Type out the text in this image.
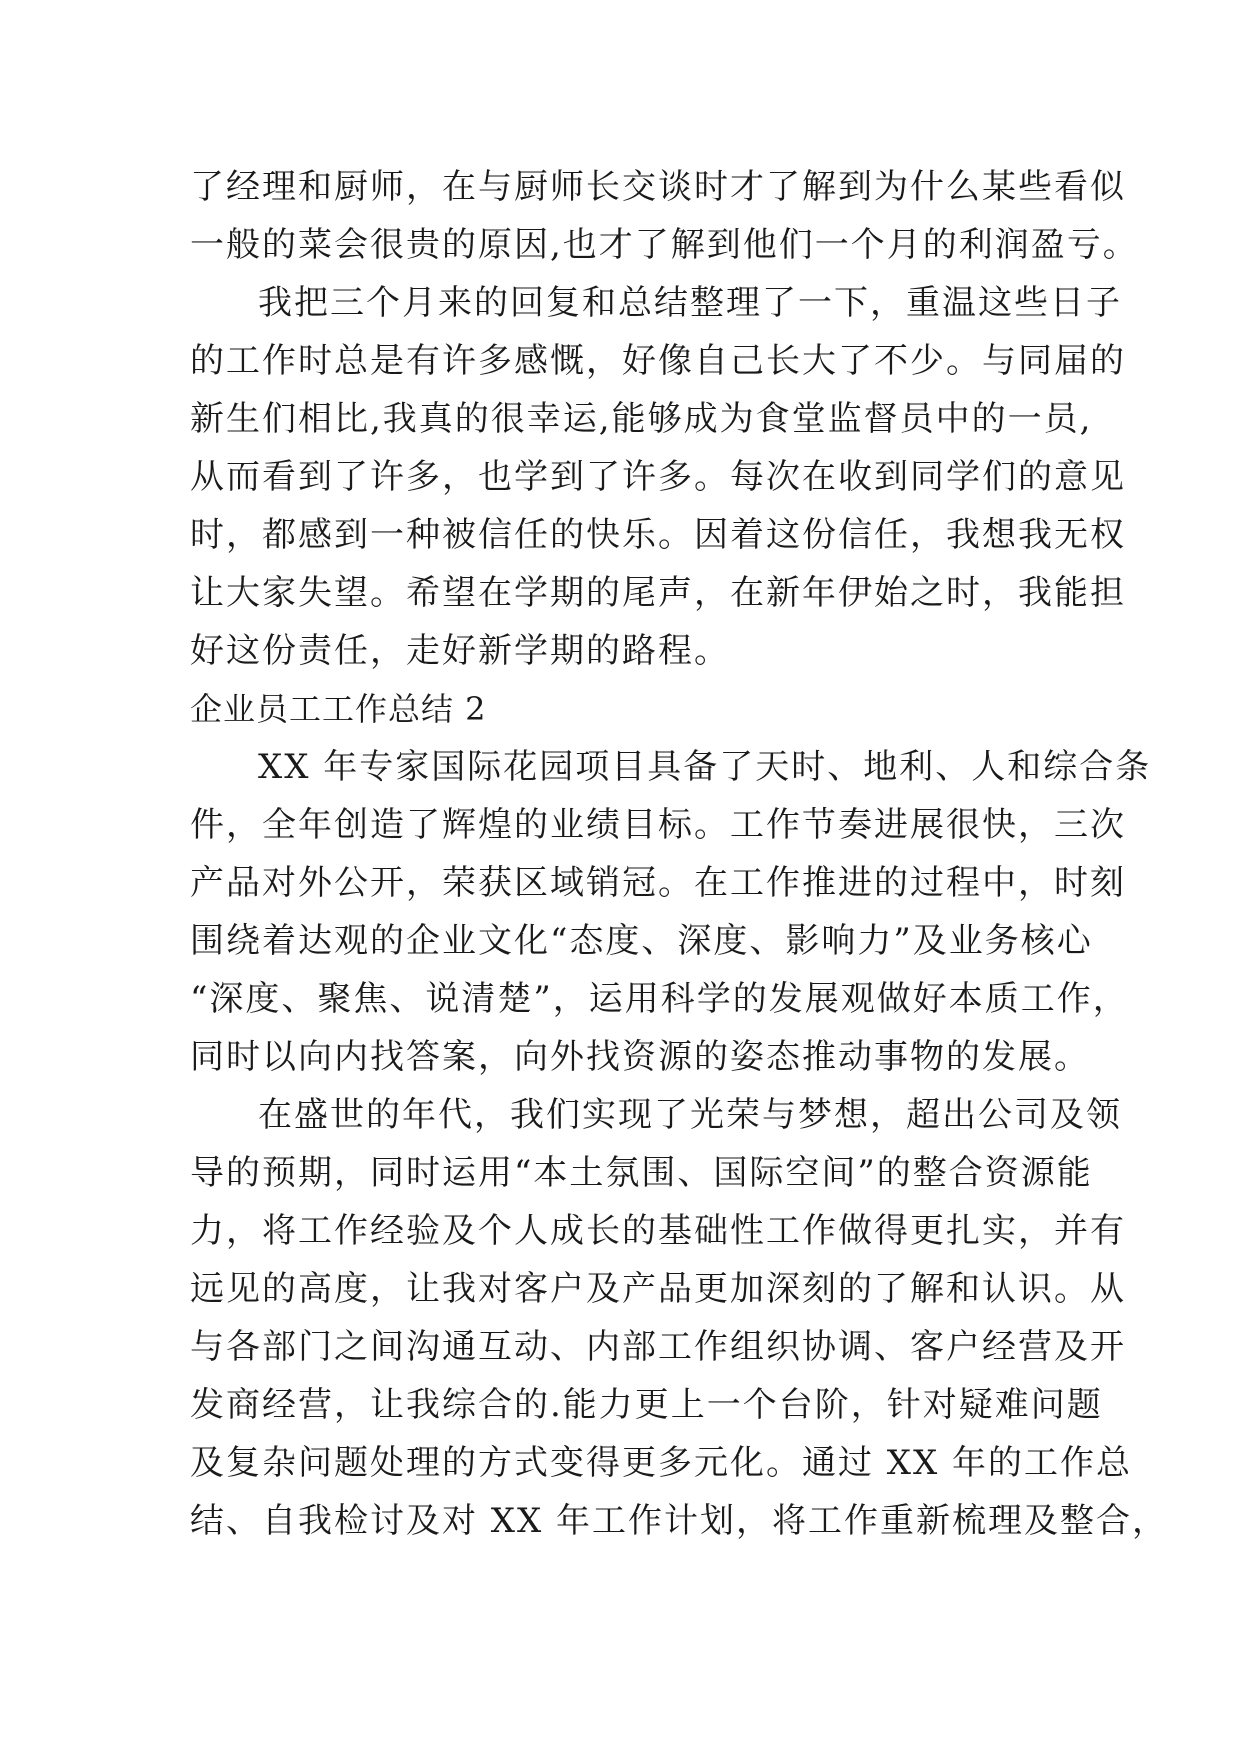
了经理和厨师，在与厨师长交谈时才了解到为什么某些看似
一般的菜会很贵的原因,也才了解到他们一个月的利润盈亏。
我把三个月来的回复和总结整理了一下，重温这些日子
的工作时总是有许多感慨，好像自己长大了不少。与同届的
新生们相比,我真的很幸运,能够成为食堂监督员中的一员,
从而看到了许多，也学到了许多。每次在收到同学们的意见
时，都感到一种被信任的快乐。因着这份信任，我想我无权
让大家失望。希望在学期的尾声，在新年伊始之时，我能担
好这份责任，走好新学期的路程。
企业员工工作总结 2
XX 年专家国际花园项目具备了天时、地利、人和综合条
件，全年创造了辉煌的业绩目标。工作节奏进展很快，三次
产品对外公开，荣获区域销冠。在工作推进的过程中，时刻
围绕着达观的企业文化“态度、深度、影响力”及业务核心
“深度、聚焦、说清楚”，运用科学的发展观做好本质工作，
同时以向内找答案，向外找资源的姿态推动事物的发展。
在盛世的年代，我们实现了光荣与梦想，超出公司及领
导的预期，同时运用“本土氛围、国际空间”的整合资源能
力，将工作经验及个人成长的基础性工作做得更扎实，并有
远见的高度，让我对客户及产品更加深刻的了解和认识。从
与各部门之间沟通互动、内部工作组织协调、客户经营及开
发商经营，让我综合的.能力更上一个台阶，针对疑难问题
及复杂问题处理的方式变得更多元化。通过 XX 年的工作总
结、自我检讨及对 XX 年工作计划，将工作重新梳理及整合，
